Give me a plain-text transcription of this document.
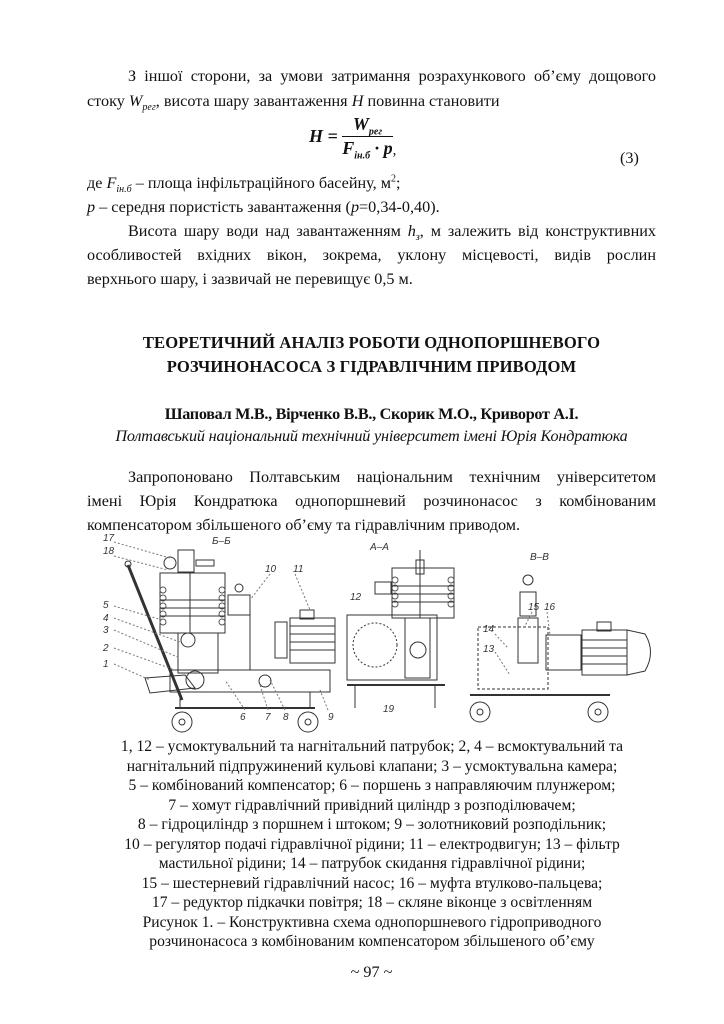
З іншої сторони, за умови затримання розрахункового об’єму дощового
стоку $W_{рег}$, висота шару завантаження H повинна становити
$H = \frac{W_{рег}}{F_{ін.б} \cdot p} _,$	(3)
де $F_{ін.б}$ – площа інфільтраційного басейну, $м^2$;
p – середня пористість завантаження (p=0,34-0,40).
Висота шару води над завантаженням $h_з$, м залежить від конструктивних
особливостей вхідних вікон, зокрема, уклону місцевості, видів рослин
верхнього шару, і зазвичай не перевищує 0,5 м.
ТЕОРЕТИЧНИЙ АНАЛІЗ РОБОТИ ОДНОПОРШНЕВОГО
РОЗЧИНОНАСОСА З ГІДРАВЛІЧНИМ ПРИВОДОМ
Шаповал М.В., Вірченко В.В., Скорик М.О., Криворот А.І.
Полтавський національний технічний університет імені Юрія Кондратюка
Запропоновано Полтавським національним технічним університетом
імені Юрія Кондратюка однопоршневий розчинонасос з комбінованим
компенсатором збільшеного об’єму та гідравлічним приводом.
17
18
5
4
3
2
1
10 11
6 7 8	9
Б–Б
А–А
12
19
В–В
15 16
14
13
1, 12 – усмоктувальний та нагнітальний патрубок; 2, 4 – всмоктувальний та
нагнітальний підпружинений кульові клапани; 3 – усмоктувальна камера;
5 – комбінований компенсатор; 6 – поршень з направляючим плунжером;
7 – хомут гідравлічний привідний циліндр з розподілювачем;
8 – гідроциліндр з поршнем і штоком; 9 – золотниковий розподільник;
10 – регулятор подачі гідравлічної рідини; 11 – електродвигун; 13 – фільтр
мастильної рідини; 14 – патрубок скидання гідравлічної рідини;
15 – шестерневий гідравлічний насос; 16 – муфта втулково-пальцева;
17 – редуктор підкачки повітря; 18 – скляне віконце з освітленням
Рисунок 1. – Конструктивна схема однопоршневого гідроприводного
розчинонасоса з комбінованим компенсатором збільшеного об’єму
~ 97 ~
